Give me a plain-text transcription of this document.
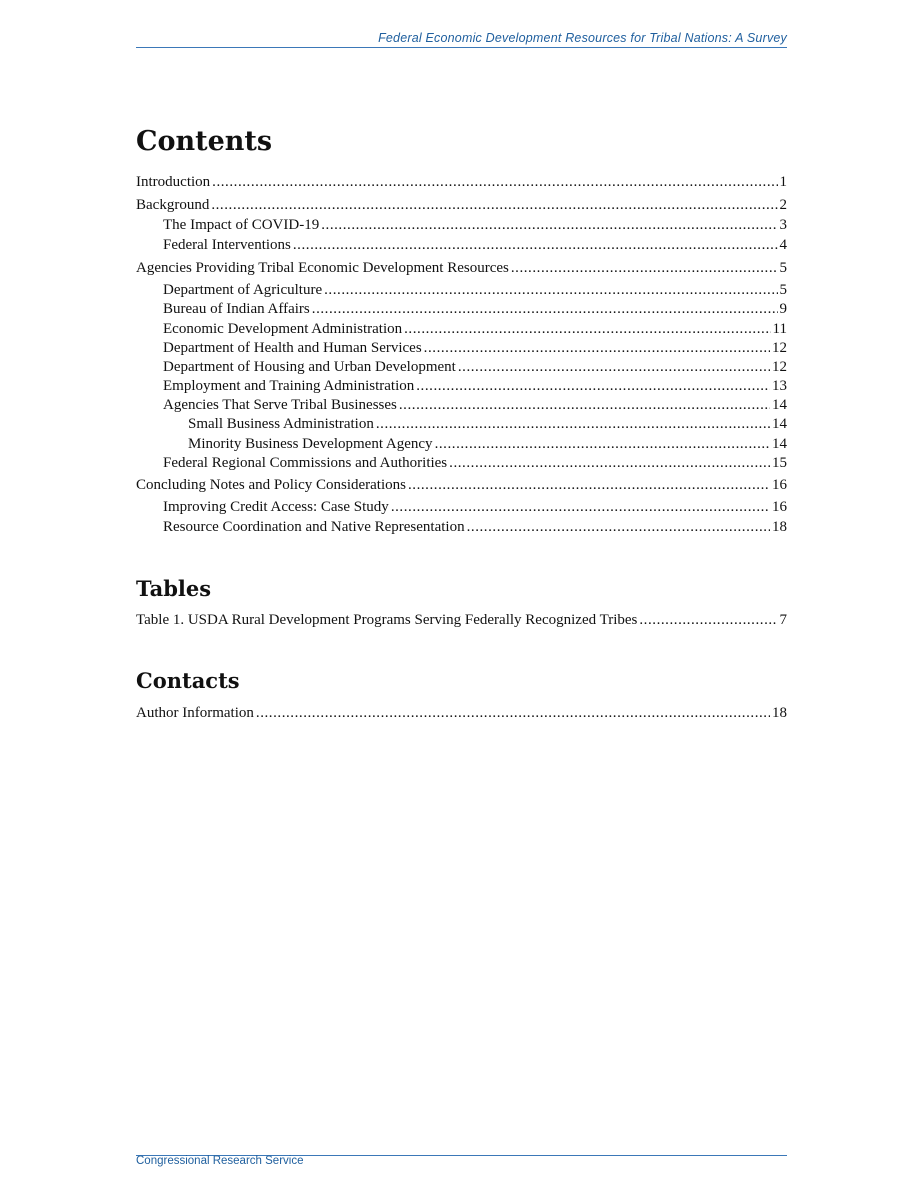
Federal Economic Development Resources for Tribal Nations: A Survey
Contents
Introduction . . .	1
Background . . .	2
The Impact of COVID-19 . . .	3
Federal Interventions . . .	4
Agencies Providing Tribal Economic Development Resources . . .	5
Department of Agriculture . . .	5
Bureau of Indian Affairs . . .	9
Economic Development Administration . . .	11
Department of Health and Human Services . . .	12
Department of Housing and Urban Development . . .	12
Employment and Training Administration . . .	13
Agencies That Serve Tribal Businesses . . .	14
Small Business Administration . . .	14
Minority Business Development Agency . . .	14
Federal Regional Commissions and Authorities . . .	15
Concluding Notes and Policy Considerations . . .	16
Improving Credit Access: Case Study . . .	16
Resource Coordination and Native Representation . . .	18
Tables
Table 1. USDA Rural Development Programs Serving Federally Recognized Tribes . . .	7
Contacts
Author Information . . .	18
Congressional Research Service
